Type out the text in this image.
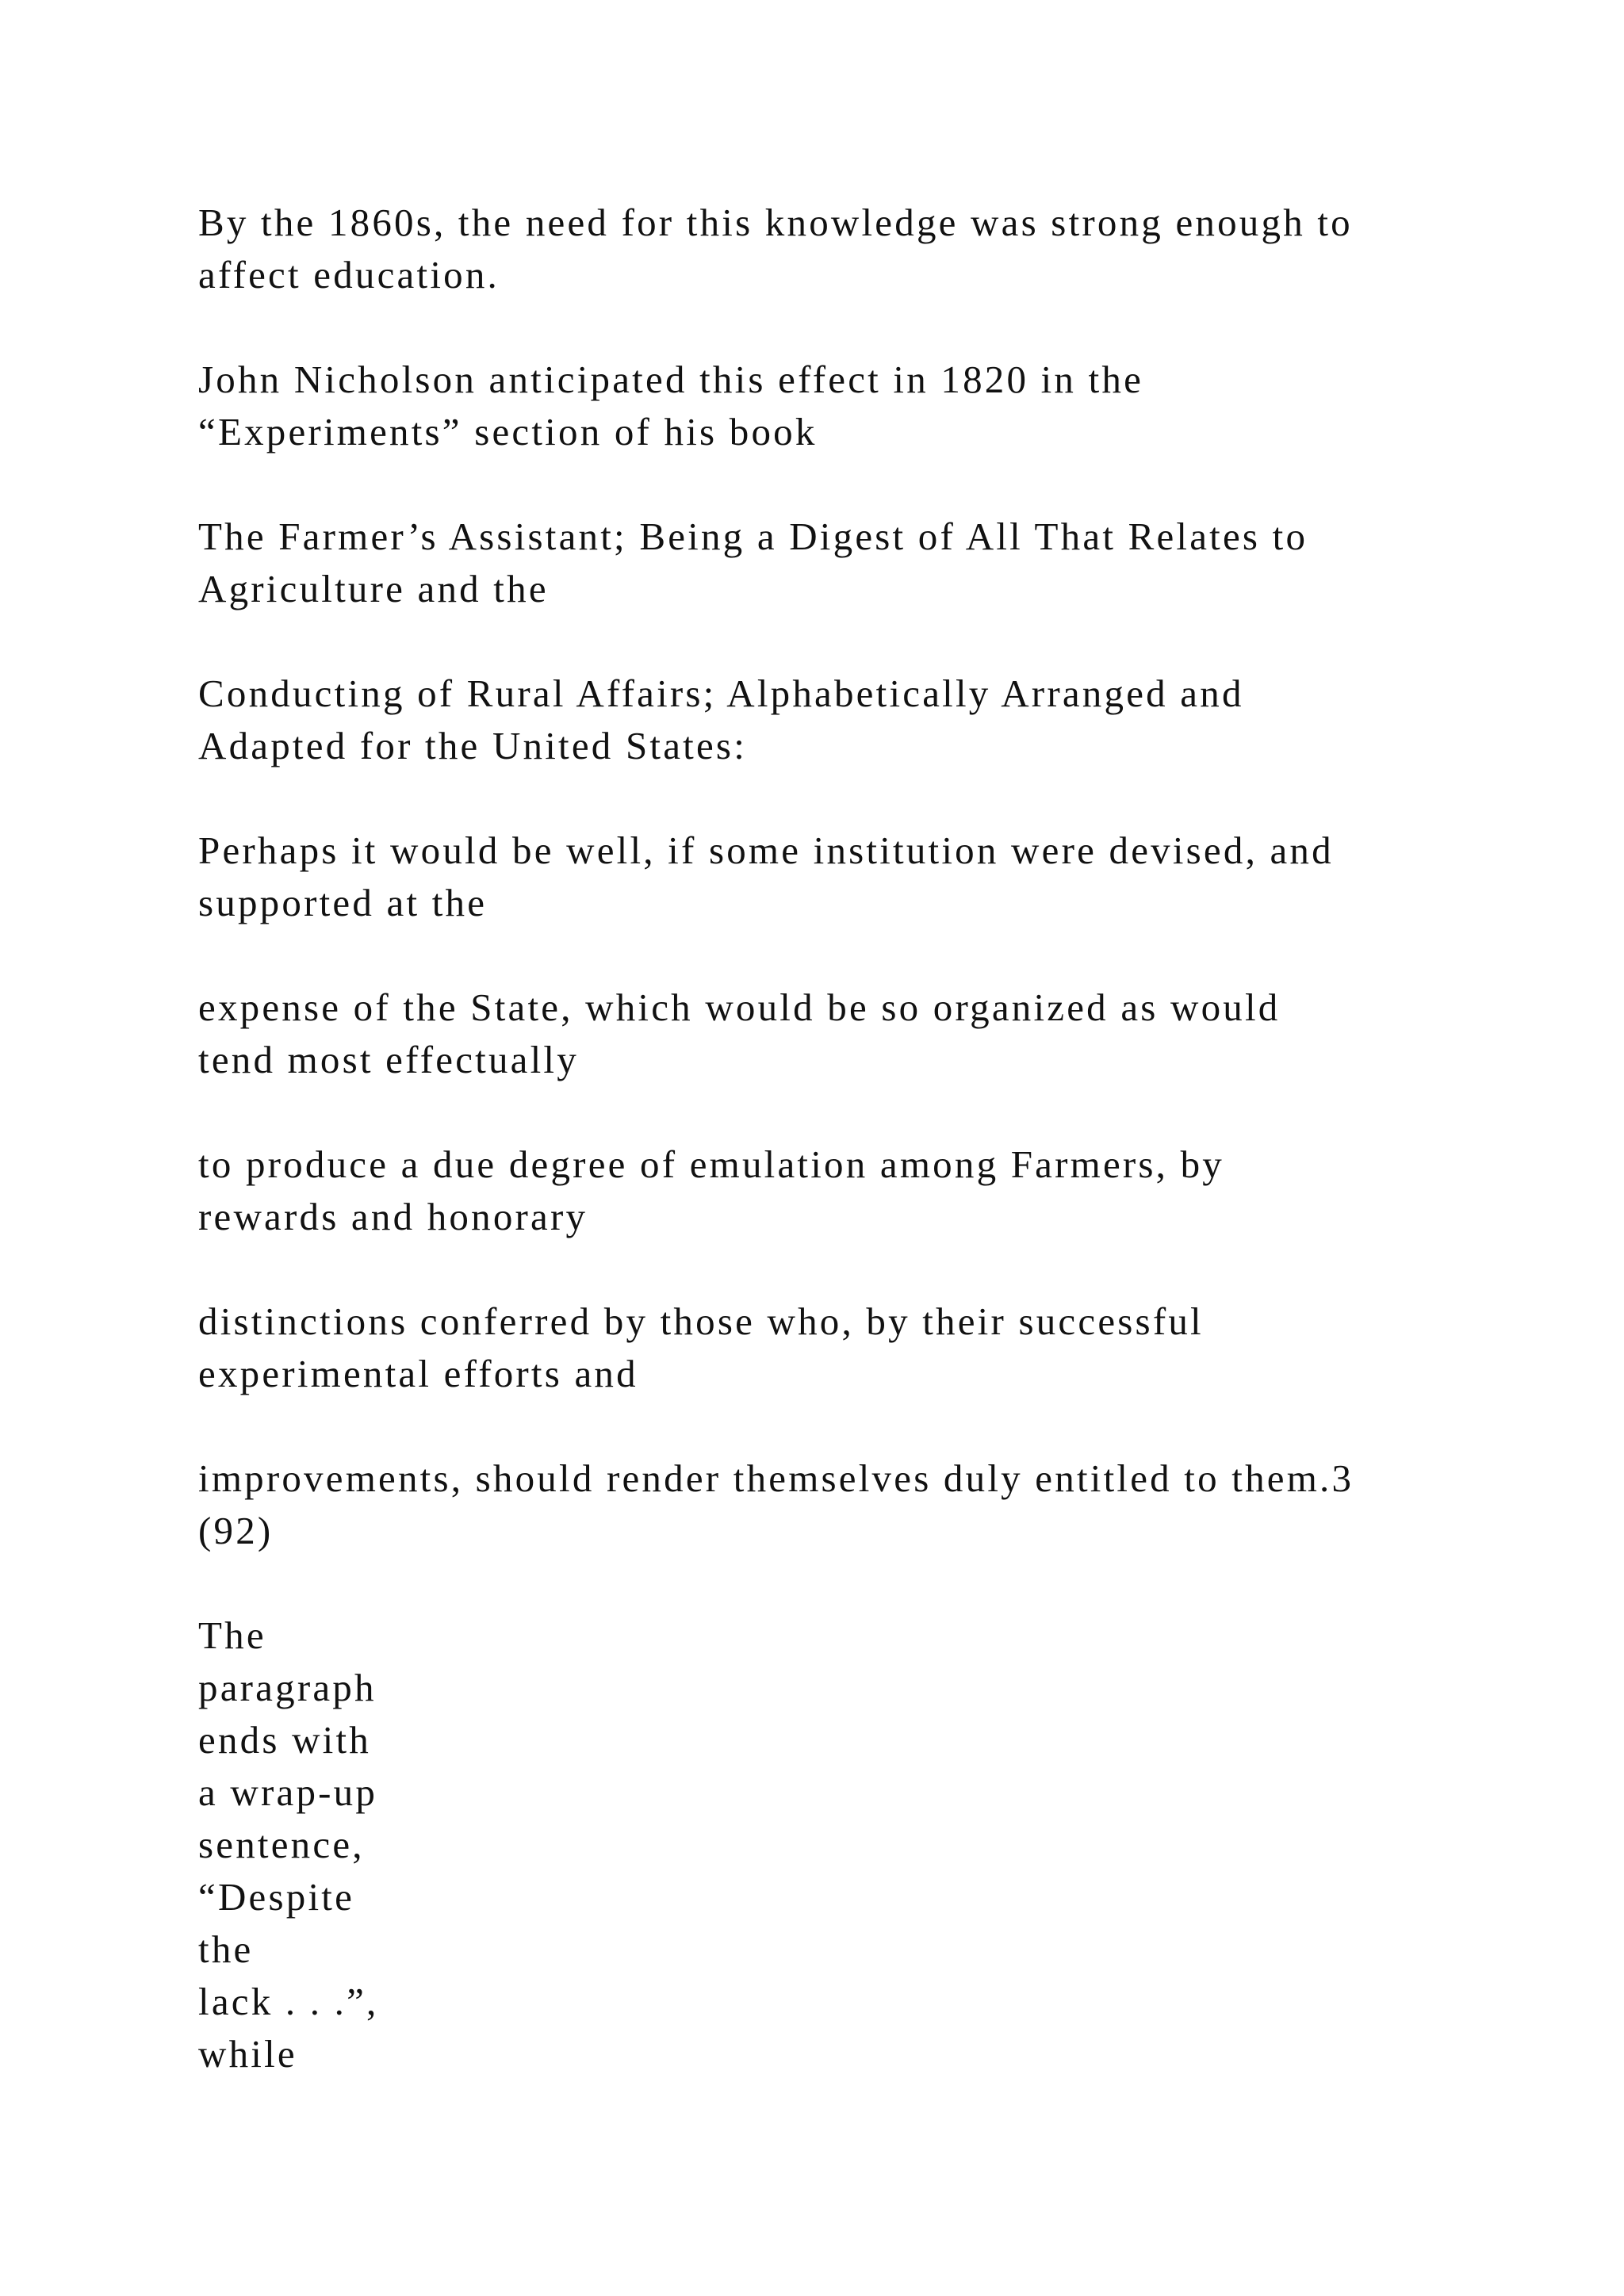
By the 1860s, the need for this knowledge was strong enough to
affect education.

John Nicholson anticipated this effect in 1820 in the
“Experiments” section of his book

The Farmer’s Assistant; Being a Digest of All That Relates to
Agriculture and the

Conducting of Rural Affairs; Alphabetically Arranged and
Adapted for the United States:

Perhaps it would be well, if some institution were devised, and
supported at the

expense of the State, which would be so organized as would
tend most effectually

to produce a due degree of emulation among Farmers, by
rewards and honorary

distinctions conferred by those who, by their successful
experimental efforts and

improvements, should render themselves duly entitled to them.3
(92)

The
paragraph
ends with
a wrap-up
sentence,
“Despite
the
lack . . .”,
while
